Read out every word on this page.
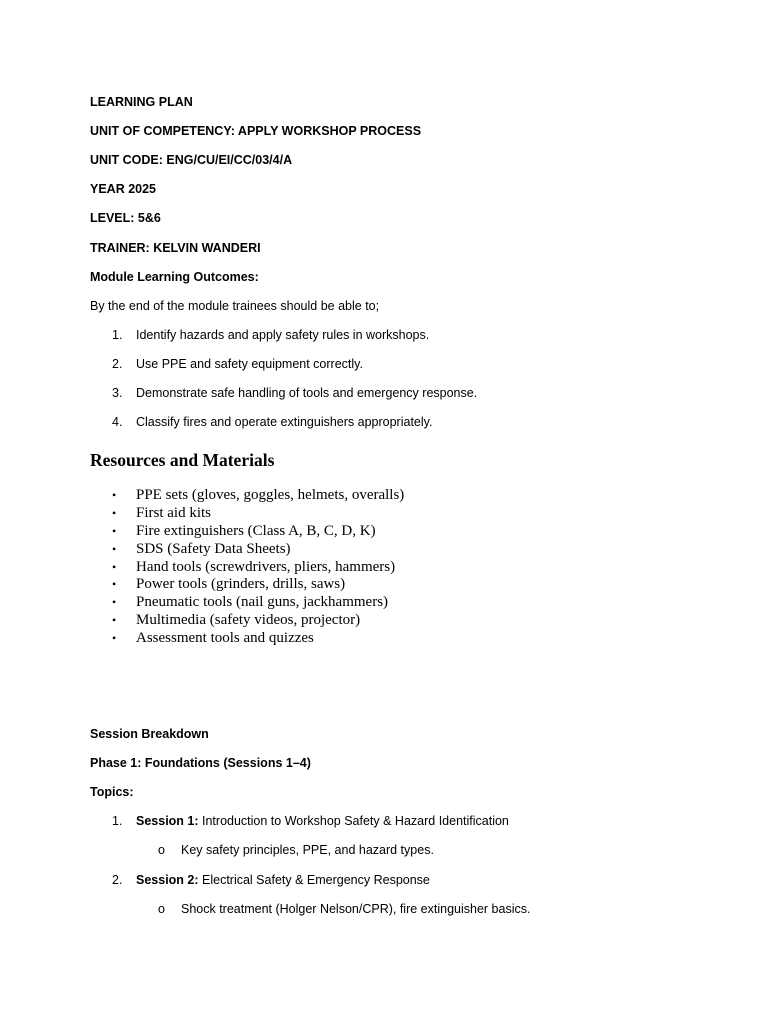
LEARNING PLAN
UNIT OF COMPETENCY: APPLY WORKSHOP PROCESS
UNIT CODE: ENG/CU/EI/CC/03/4/A
YEAR 2025
LEVEL: 5&6
TRAINER: KELVIN WANDERI
Module Learning Outcomes:
By the end of the module trainees should be able to;
1. Identify hazards and apply safety rules in workshops.
2. Use PPE and safety equipment correctly.
3. Demonstrate safe handling of tools and emergency response.
4. Classify fires and operate extinguishers appropriately.
Resources and Materials
• PPE sets (gloves, goggles, helmets, overalls)
• First aid kits
• Fire extinguishers (Class A, B, C, D, K)
• SDS (Safety Data Sheets)
• Hand tools (screwdrivers, pliers, hammers)
• Power tools (grinders, drills, saws)
• Pneumatic tools (nail guns, jackhammers)
• Multimedia (safety videos, projector)
• Assessment tools and quizzes
Session Breakdown
Phase 1: Foundations (Sessions 1–4)
Topics:
1. Session 1: Introduction to Workshop Safety & Hazard Identification
o Key safety principles, PPE, and hazard types.
2. Session 2: Electrical Safety & Emergency Response
o Shock treatment (Holger Nelson/CPR), fire extinguisher basics.
